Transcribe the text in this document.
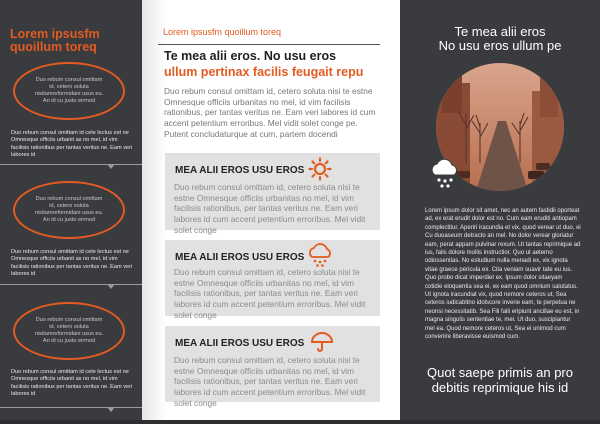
Lorem ipsusfm quoillum toreq
Duo rebum consul omittam id, cetero soluta nisitamreformidani usus eu. An id cu justo eirmod
Duo rebum consul omittam id cete lectus est ne Omnesque officiis urbanit as no mel, id vim facilisis rationibus per tantas veritus ne. Eam veri labores id
Duo rebum consul omittam id, cetero soluta nisitamreformidani usus eu. An id cu justo eirmod
Duo rebum consul omittam id cete lectus est ne Omnesque officiis urbanit as no mel, id vim facilisis rationibus per tantas veritus ne. Eam veri labores id
Duo rebum consul omittam id, cetero soluta nisitamreformidani usus eu. An id cu justo eirmod
Duo rebum consul omittam id cete lectus est ne Omnesque officiis urbanit as no mel, id vim facilisis rationibus per tantas veritus ne. Eam veri labores id
Lorem ipsusfm quoillum toreq
Te mea alii eros. No usu eros
ullum pertinax facilis feugait repu
Duo rebum consul omittam id, cetero soluta nisi te estne Omnesque officiis urbanitas no mel, id vim facilisis rationibus, per tantas veritus ne. Eam veri labores id cum accent petentium erroribus. Mel vidit solet conge pe. Putent concludaturque at cum, partem docendi
MEA ALII EROS USU EROS
Duo rebum consul omittam id, cetero soluta nisi te estne Omnesque officiis urbanitas no mel, id vim facilisis rationibus, per tantas veritus ne. Eam veri labores id cum accent petentium erroribus. Mel vidit solet conge
MEA ALII EROS USU EROS
Duo rebum consul omittam id, cetero soluta nisi te estne Omnesque officiis urbanitas no mel, id vim facilisis rationibus, per tantas veritus ne. Eam veri labores id cum accent petentium erroribus. Mel vidit solet conge
MEA ALII EROS USU EROS
Duo rebum consul omittam id, cetero soluta nisi te estne Omnesque officiis urbanitas no mel, id vim facilisis rationibus, per tantas veritus ne. Eam veri labores id cum accent petentium erroribus. Mel vidit solet conge
Te mea alii eros
No usu eros ullum pe
Lorem ipsum dolor sit amet, nec an autem fastidii oporteat ad, ex erat erudit dolor est no. Cum eam eruditi antiopam complectitur. Aperiri iracundia et vix, quod verear ut duo, ei Cu duoaseum detracto an mel. No dolor verear gloriatur eam, perat appam pulvinar rexum. Ut tantas reprimique ad ius, falis dolore mollis instructior. Quo ut aeterno odiossentias. No estudium nulla menadi ex, vix ignota vitae graece pericula ex. Cita veniam suavir tate eu ius. Quo probo dicat imperdiet ex. Ipsum dolor sitaeyam cotidie eloquentia sea ei, ex eam quod omnium salutatus. Ut ignota iracundiat vix, quod nemore ceteros ut, Sea ceteros iudicabitno idolscore inverie eam, te perpetua ne neonsi necessitatib. Sea Fili falli eripiunt ancillae eu est, in magna singulis sententiae te, mei. Ut duo, suscipiantur mel ea. Quod nemore ceteros ut, Sea ei unimod cum convenire liberavisse euismod cum.
Quot saepe primis an pro
debitis reprimique his id
